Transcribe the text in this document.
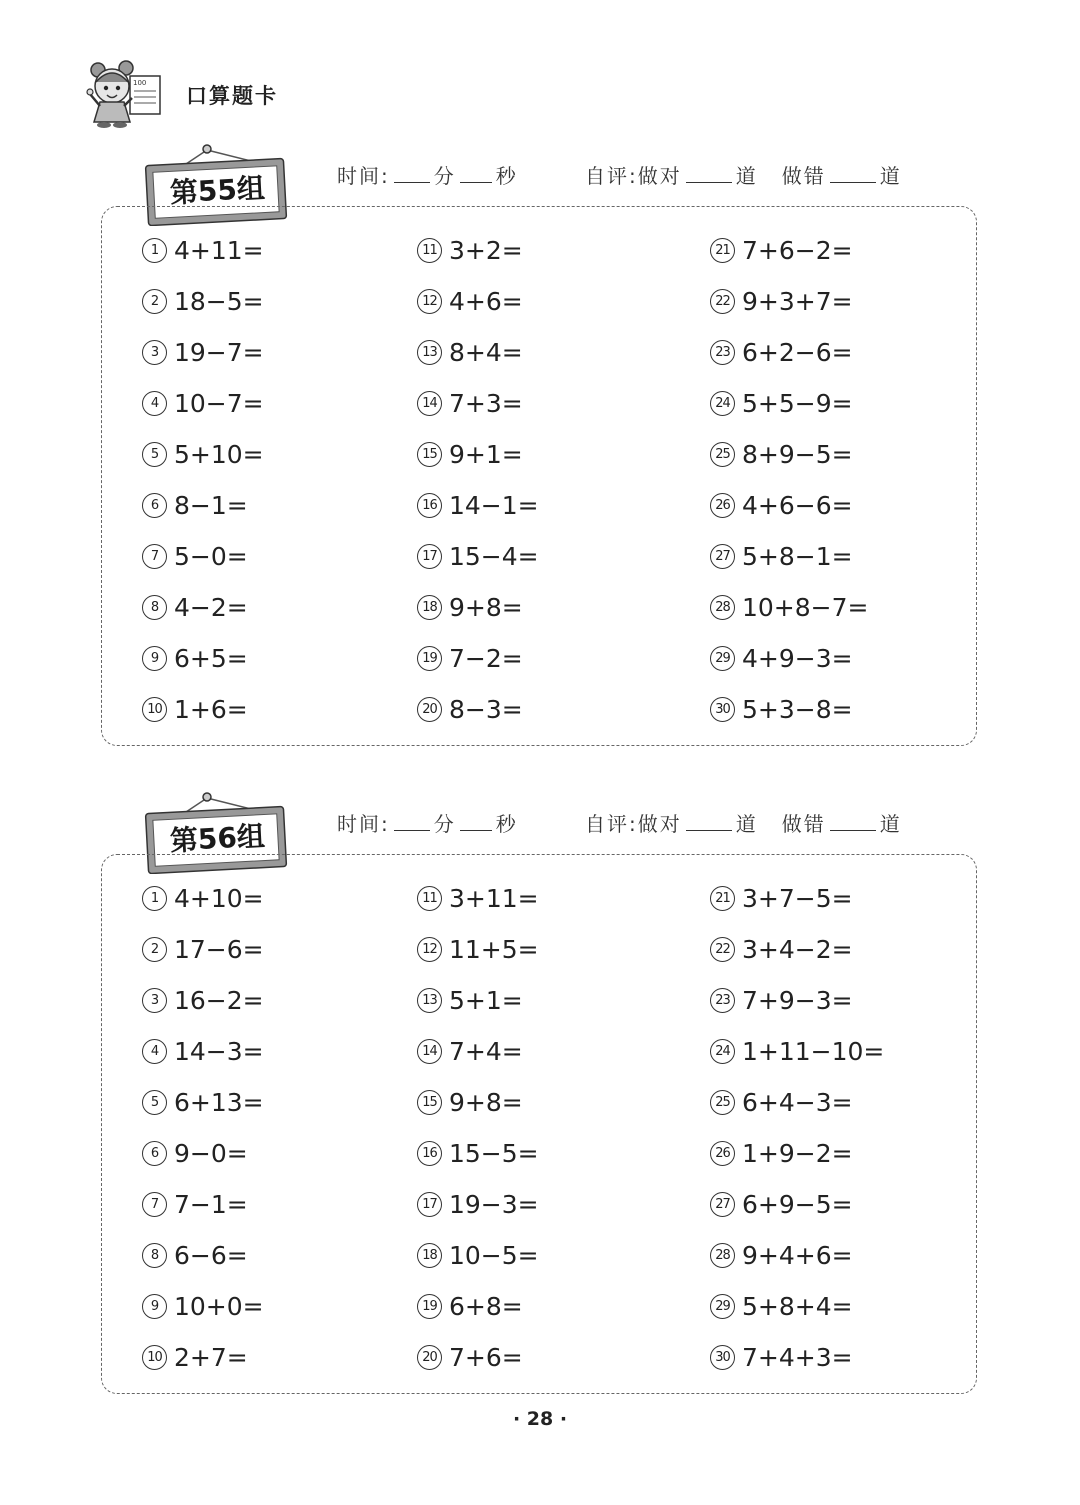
100
口算题卡
第55组	时间: 分 秒	自评:做对	道 做错	道
1 4+11=
2 18−5=
3 19−7=
4 10−7=
5 5+10=
6 8−1=
7 5−0=
8 4−2=
9 6+5=
10 1+6=
11 3+2=
12 4+6=
13 8+4=
14 7+3=
15 9+1=
16 14−1=
17 15−4=
18 9+8=
19 7−2=
20 8−3=
21 7+6−2=
22 9+3+7=
23 6+2−6=
24 5+5−9=
25 8+9−5=
26 4+6−6=
27 5+8−1=
28 10+8−7=
29 4+9−3=
30 5+3−8=
第56组	时间: 分 秒	自评:做对	道 做错	道
1 4+10=
2 17−6=
3 16−2=
4 14−3=
5 6+13=
6 9−0=
7 7−1=
8 6−6=
9 10+0=
10 2+7=
11 3+11=
12 11+5=
13 5+1=
14 7+4=
15 9+8=
16 15−5=
17 19−3=
18 10−5=
19 6+8=
20 7+6=
21 3+7−5=
22 3+4−2=
23 7+9−3=
24 1+11−10=
25 6+4−3=
26 1+9−2=
27 6+9−5=
28 9+4+6=
29 5+8+4=
30 7+4+3=
· 28 ·
